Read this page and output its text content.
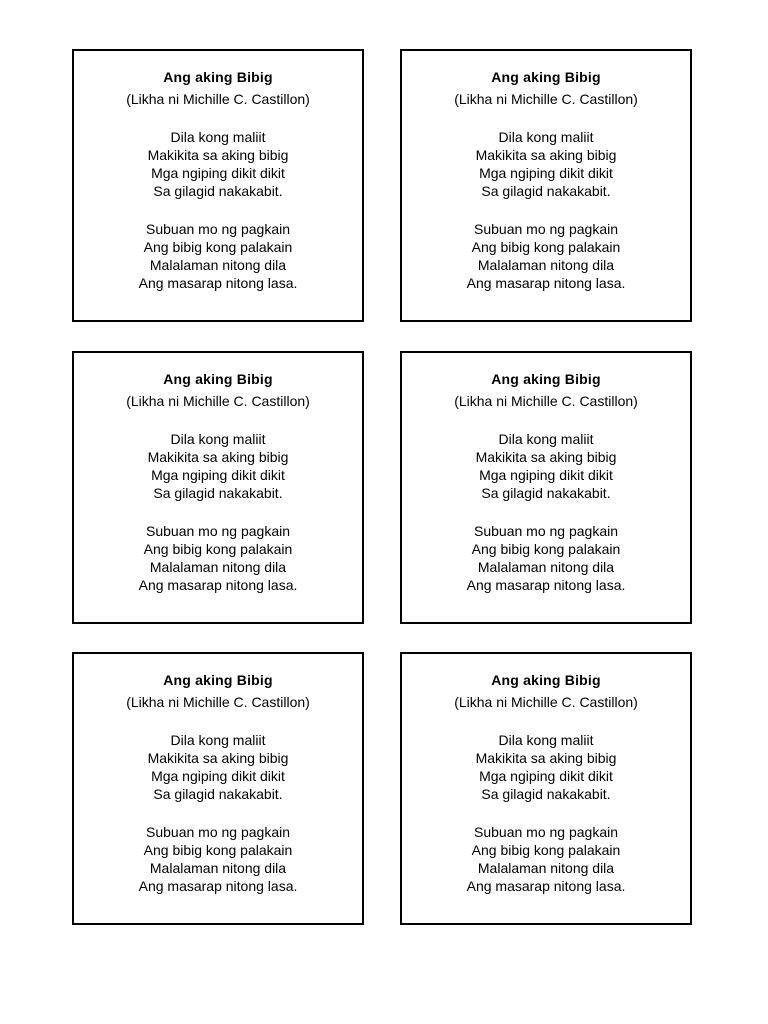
Ang aking Bibig
(Likha ni Michille C. Castillon)
Dila kong maliit
Makikita sa aking bibig
Mga ngiping dikit dikit
Sa gilagid nakakabit.
Subuan mo ng pagkain
Ang bibig kong palakain
Malalaman nitong dila
Ang masarap nitong lasa.
Ang aking Bibig
(Likha ni Michille C. Castillon)
Dila kong maliit
Makikita sa aking bibig
Mga ngiping dikit dikit
Sa gilagid nakakabit.
Subuan mo ng pagkain
Ang bibig kong palakain
Malalaman nitong dila
Ang masarap nitong lasa.
Ang aking Bibig
(Likha ni Michille C. Castillon)
Dila kong maliit
Makikita sa aking bibig
Mga ngiping dikit dikit
Sa gilagid nakakabit.
Subuan mo ng pagkain
Ang bibig kong palakain
Malalaman nitong dila
Ang masarap nitong lasa.
Ang aking Bibig
(Likha ni Michille C. Castillon)
Dila kong maliit
Makikita sa aking bibig
Mga ngiping dikit dikit
Sa gilagid nakakabit.
Subuan mo ng pagkain
Ang bibig kong palakain
Malalaman nitong dila
Ang masarap nitong lasa.
Ang aking Bibig
(Likha ni Michille C. Castillon)
Dila kong maliit
Makikita sa aking bibig
Mga ngiping dikit dikit
Sa gilagid nakakabit.
Subuan mo ng pagkain
Ang bibig kong palakain
Malalaman nitong dila
Ang masarap nitong lasa.
Ang aking Bibig
(Likha ni Michille C. Castillon)
Dila kong maliit
Makikita sa aking bibig
Mga ngiping dikit dikit
Sa gilagid nakakabit.
Subuan mo ng pagkain
Ang bibig kong palakain
Malalaman nitong dila
Ang masarap nitong lasa.
